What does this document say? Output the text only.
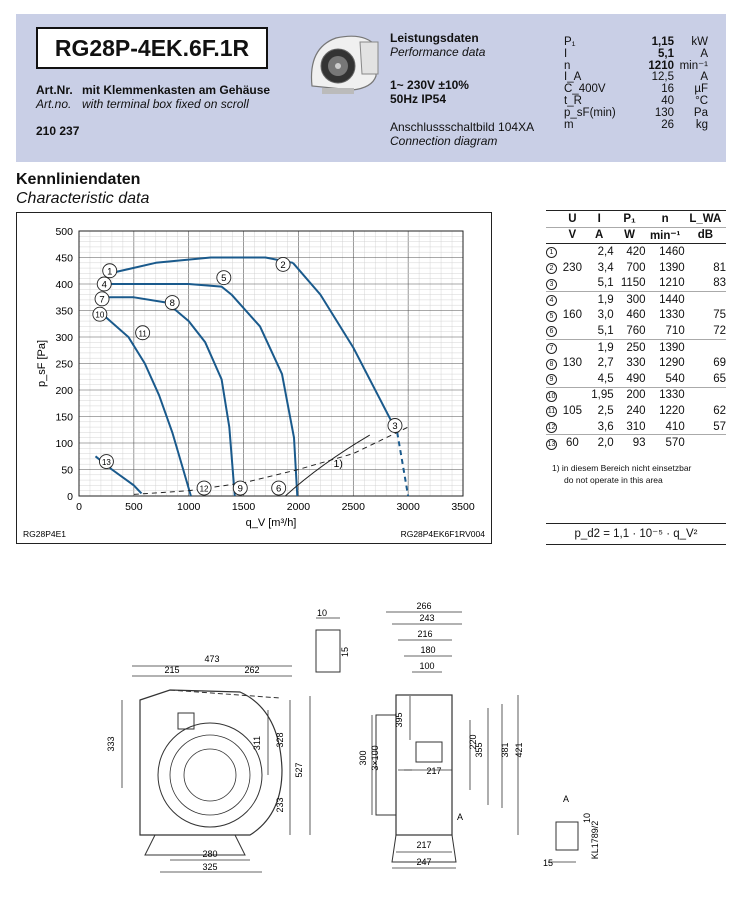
RG28P-4EK.6F.1R
Art.Nr. mit Klemmenkasten am Gehäuse
Art.no. with terminal box fixed on scroll
210 237
Leistungsdaten
Performance data
1~ 230V ±10%
50Hz IP54
Anschlussschaltbild 104XA
Connection diagram
P₁	1,15	kW
I	5,1	A
n	1210 min⁻¹
I_A	12,5	A
C_400V	16	µF
t_R	40	°C
p_sF(min)	130	Pa
m	26	kg
Kennliniendaten
Characteristic data
0	500	1000	1500	2000	2500	3000	3500
0
50
100
150
200
250
300
350
400
450
500
1)
1
2
3
4
5
6
7	8
9
10
11
12
13
q_V [m³/h]
p_sF [Pa]
RG28P4E1	RG28P4EK6F1RV004
	U	I	P₁	n	L_WA
	V	A	W	min⁻¹	dB
1		2,4	420	1460	
2	230	3,4	700	1390	81
3		5,1	1150	1210	83
4		1,9	300	1440	
5	160	3,0	460	1330	75
6		5,1	760	710	72
7		1,9	250	1390	
8	130	2,7	330	1290	69
9		4,5	490	540	65
10		1,95	200	1330	
11	105	2,5	240	1220	62
12		3,6	310	410	57
13	60	2,0	93	570	
1) in diesem Bereich nicht einsetzbar
do not operate in this area
p_d2 = 1,1 · 10⁻⁵ · q_V²
473
215	262
333	311 328
527
233
280
325
266
243
216
180
100
395
300 3×100
220
355 381 421
217
217
247
A
10
15
A
15
10
KL1789/2
